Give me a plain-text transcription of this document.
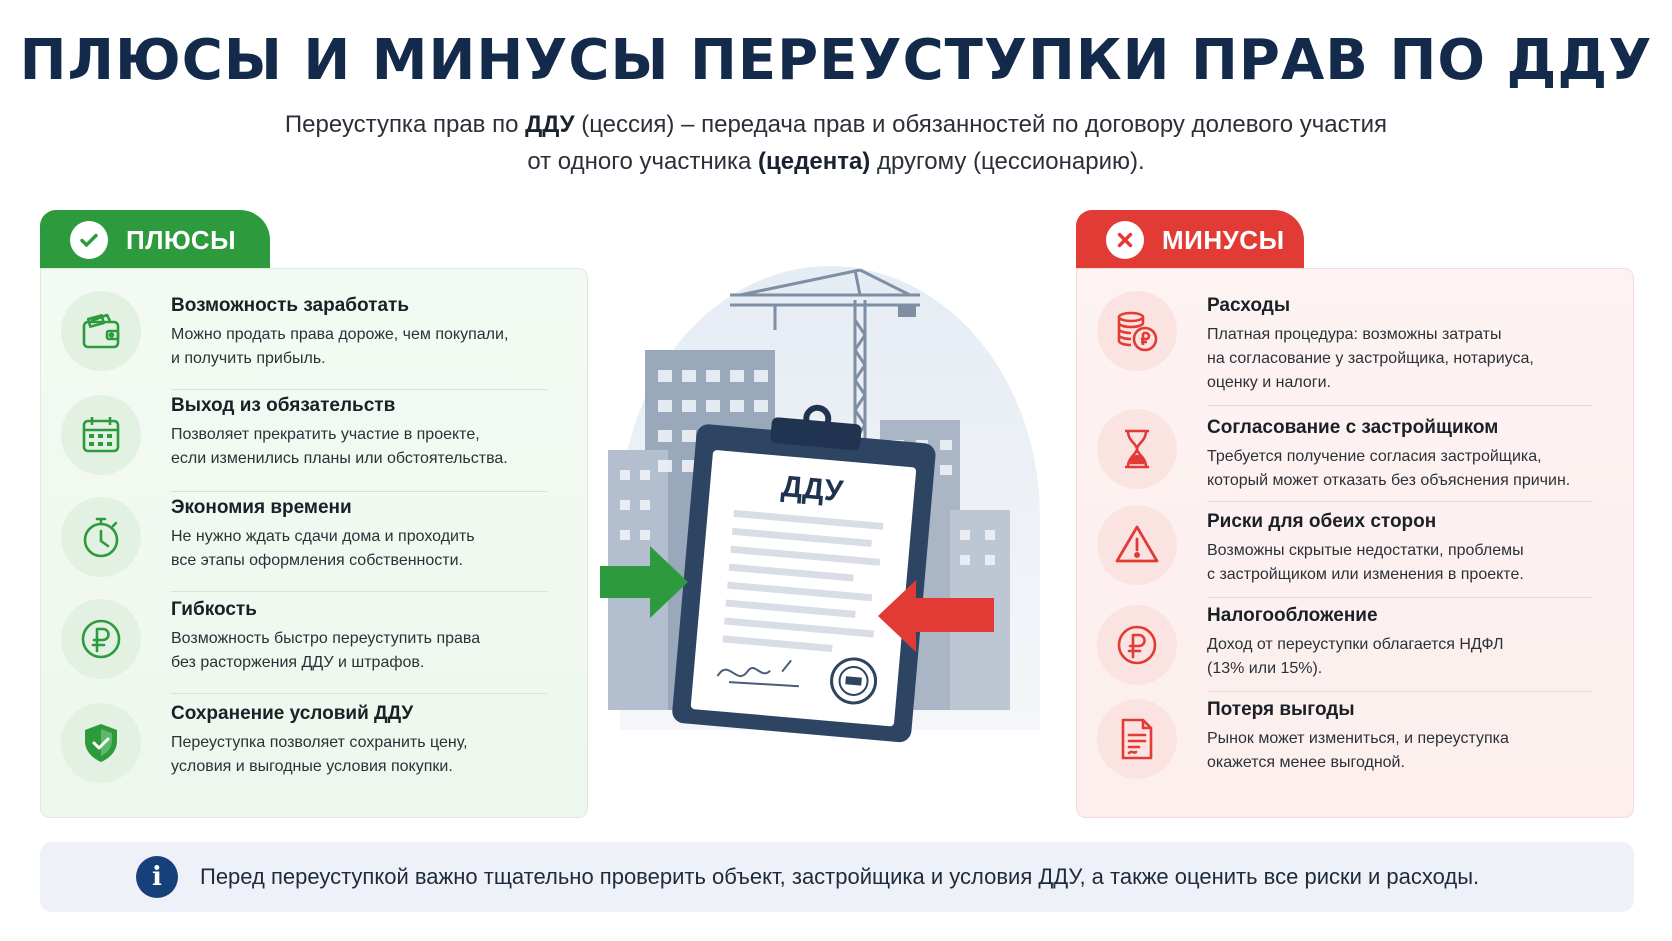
ПЛЮСЫ И МИНУСЫ ПЕРЕУСТУПКИ ПРАВ ПО ДДУ
Переуступка прав по ДДУ (цессия) – передача прав и обязанностей по договору долевого участия
от одного участника (цедента) другому (цессионарию).
ПЛЮСЫ	МИНУСЫ
Возможность заработать

Можно продать права дороже, чем покупали,

и получить прибыль.

Выход из обязательств

Позволяет прекратить участие в проекте,

если изменились планы или обстоятельства.

Экономия времени

Не нужно ждать сдачи дома и проходить

все этапы оформления собственности.

Гибкость

Возможность быстро переуступить права

без расторжения ДДУ и штрафов.

Сохранение условий ДДУ

Переуступка позволяет сохранить цену,

условия и выгодные условия покупки.

ДДУ
Расходы

Платная процедура: возможны затраты

на согласование у застройщика, нотариуса,

оценку и налоги.

Согласование с застройщиком

Требуется получение согласия застройщика,

который может отказать без объяснения причин.

Риски для обеих сторон

Возможны скрытые недостатки, проблемы

с застройщиком или изменения в проекте.

Налогообложение

Доход от переуступки облагается НДФЛ

(13% или 15%).

Потеря выгоды

Рынок может измениться, и переуступка

окажется менее выгодной.

i	Перед переуступкой важно тщательно проверить объект, застройщика и условия ДДУ, а также оценить все риски и расходы.
